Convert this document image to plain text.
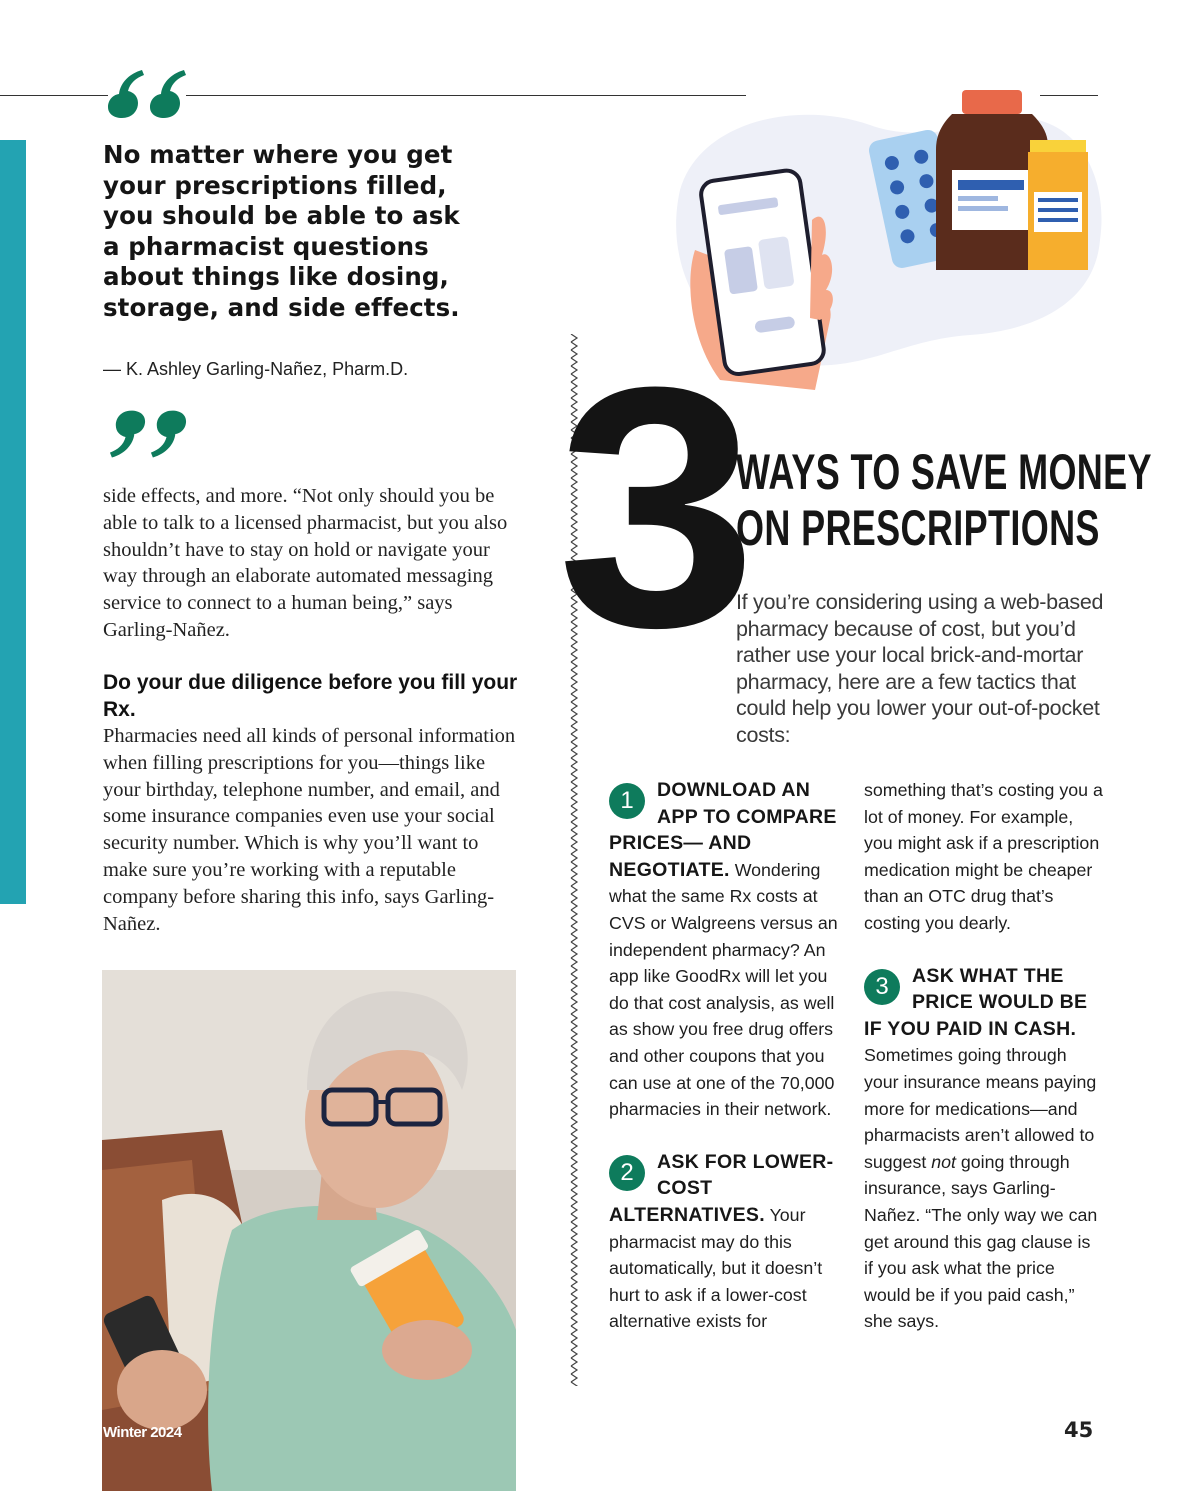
No matter where you get your prescriptions filled, you should be able to ask a pharmacist questions about things like dosing, storage, and side effects.
— K. Ashley Garling-Nañez, Pharm.D.
side effects, and more. “Not only should you be able to talk to a licensed pharmacist, but you also shouldn’t have to stay on hold or navigate your way through an elaborate automated messaging service to connect to a human being,” says Garling-Nañez.
Do your due diligence before you fill your Rx.
Pharmacies need all kinds of personal information when filling prescriptions for you—things like your birthday, telephone number, and email, and some insurance companies even use your social security number. Which is why you’ll want to make sure you’re working with a reputable company before sharing this info, says Garling-Nañez.
Winter 2024
3
WAYS TO SAVE MONEY
ON PRESCRIPTIONS
If you’re considering using a web-based pharmacy because of cost, but you’d rather use your local brick-and-mortar pharmacy, here are a few tactics that could help you lower your out-of-pocket costs:
1	DOWNLOAD AN APP TO COMPARE PRICES— AND NEGOTIATE. Wondering what the same Rx costs at CVS or Walgreens versus an independent pharmacy? An app like GoodRx will let you do that cost analysis, as well as show you free drug offers and other coupons that you can use at one of the 70,000 pharmacies in their network.
2	ASK FOR LOWER-COST ALTERNATIVES. Your pharmacist may do this automatically, but it doesn’t hurt to ask if a lower-cost alternative exists for
something that’s costing you a lot of money. For example, you might ask if a prescription medication might be cheaper than an OTC drug that’s costing you dearly.
3	ASK WHAT THE PRICE WOULD BE IF YOU PAID IN CASH. Sometimes going through your insurance means paying more for medications—and pharmacists aren’t allowed to suggest not going through insurance, says Garling-Nañez. “The only way we can get around this gag clause is if you ask what the price would be if you paid cash,” she says.
45
